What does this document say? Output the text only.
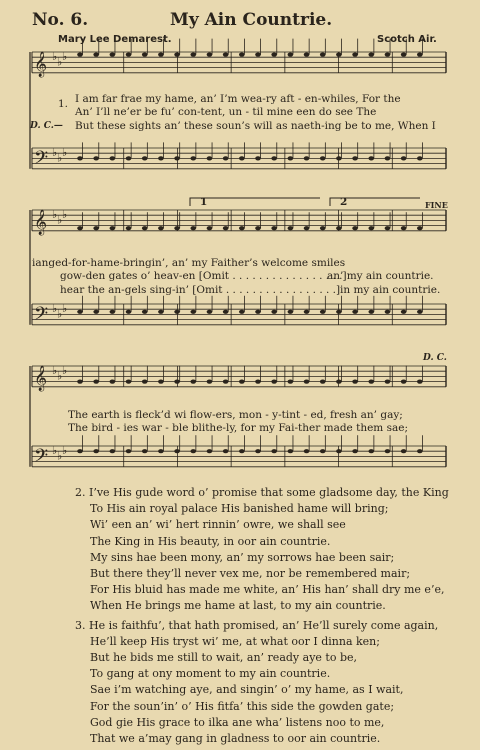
No. 6.	My Ain Countrie.
Mary Lee Demarest.	Scotch Air.
𝄞 ♭ ♭ ♭
𝄢 ♭ ♭ ♭
𝄞 ♭ ♭ ♭
𝄢 ♭ ♭ ♭
𝄞 ♭ ♭ ♭
𝄢 ♭ ♭ ♭
1. I am far frae my hame, an’ I’m wea-ry aft - en-whiles, For the
An’ I’ll ne’er be fu’ con-tent, un - til mine een do see The
D. C.— But these sights an’ these soun’s will as naeth-ing be to me, When I
1	2	FINE
ianged-for-hame-bringin’, an’ my Faither’s welcome smiles
gow-den gates o’ heav-en [Omit . . . . . . . . . . . . . . . . .]
an’ my ain countrie.
hear the an-gels sing-in’ [Omit . . . . . . . . . . . . . . . . .] in my ain countrie.
D. C.
The earth is fleck’d wi flow-ers, mon - y-tint - ed, fresh an’ gay;
The bird - ies war - ble blithe-ly, for my Fai-ther made them sae;
2. I’ve His gude word o’ promise that some gladsome day, the King
To His ain royal palace His banished hame will bring;
Wi’ een an’ wi’ hert rinnin’ owre, we shall see
The King in His beauty, in oor ain countrie.
My sins hae been mony, an’ my sorrows hae been sair;
But there they’ll never vex me, nor be remembered mair;
For His bluid has made me white, an’ His han’ shall dry me e’e,
When He brings me hame at last, to my ain countrie.
3. He is faithfu’, that hath promised, an’ He’ll surely come again,
He’ll keep His tryst wi’ me, at what oor I dinna ken;
But he bids me still to wait, an’ ready aye to be,
To gang at ony moment to my ain countrie.
Sae i’m watching aye, and singin’ o’ my hame, as I wait,
For the soun’in’ o’ His fitfa’ this side the gowden gate;
God gie His grace to ilka ane wha’ listens noo to me,
That we a’may gang in gladness to oor ain countrie.
